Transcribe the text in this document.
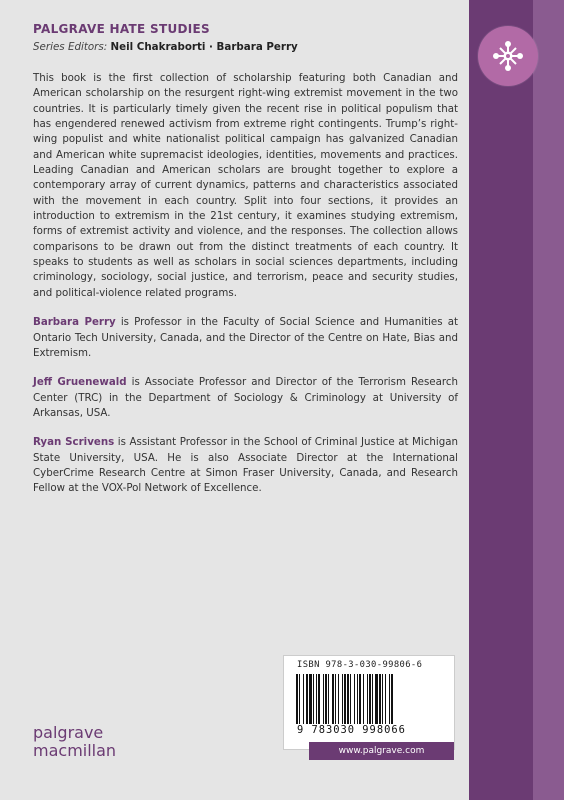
PALGRAVE HATE STUDIES
Series Editors: Neil Chakraborti · Barbara Perry

This book is the first collection of scholarship featuring both Canadian and American scholarship on the resurgent right-wing extremist movement in the two countries. It is particularly timely given the recent rise in political populism that has engendered renewed activism from extreme right contingents. Trump’s right-wing populist and white nationalist political campaign has galvanized Canadian and American white supremacist ideologies, identities, movements and practices. Leading Canadian and American scholars are brought together to explore a contemporary array of current dynamics, patterns and characteristics associated with the movement in each country. Split into four sections, it provides an introduction to extremism in the 21st century, it examines studying extremism, forms of extremist activity and violence, and the responses. The collection allows comparisons to be drawn out from the distinct treatments of each country. It speaks to students as well as scholars in social sciences departments, including criminology, sociology, social justice, and terrorism, peace and security studies, and political-violence related programs.

Barbara Perry is Professor in the Faculty of Social Science and Humanities at Ontario Tech University, Canada, and the Director of the Centre on Hate, Bias and Extremism.

Jeff Gruenewald is Associate Professor and Director of the Terrorism Research Center (TRC) in the Department of Sociology & Criminology at University of Arkansas, USA.

Ryan Scrivens is Assistant Professor in the School of Criminal Justice at Michigan State University, USA. He is also Associate Director at the International CyberCrime Research Centre at Simon Fraser University, Canada, and Research Fellow at the VOX-Pol Network of Excellence.

ISBN 978-3-030-99806-6
9 783030 998066
www.palgrave.com
palgrave
macmillan
